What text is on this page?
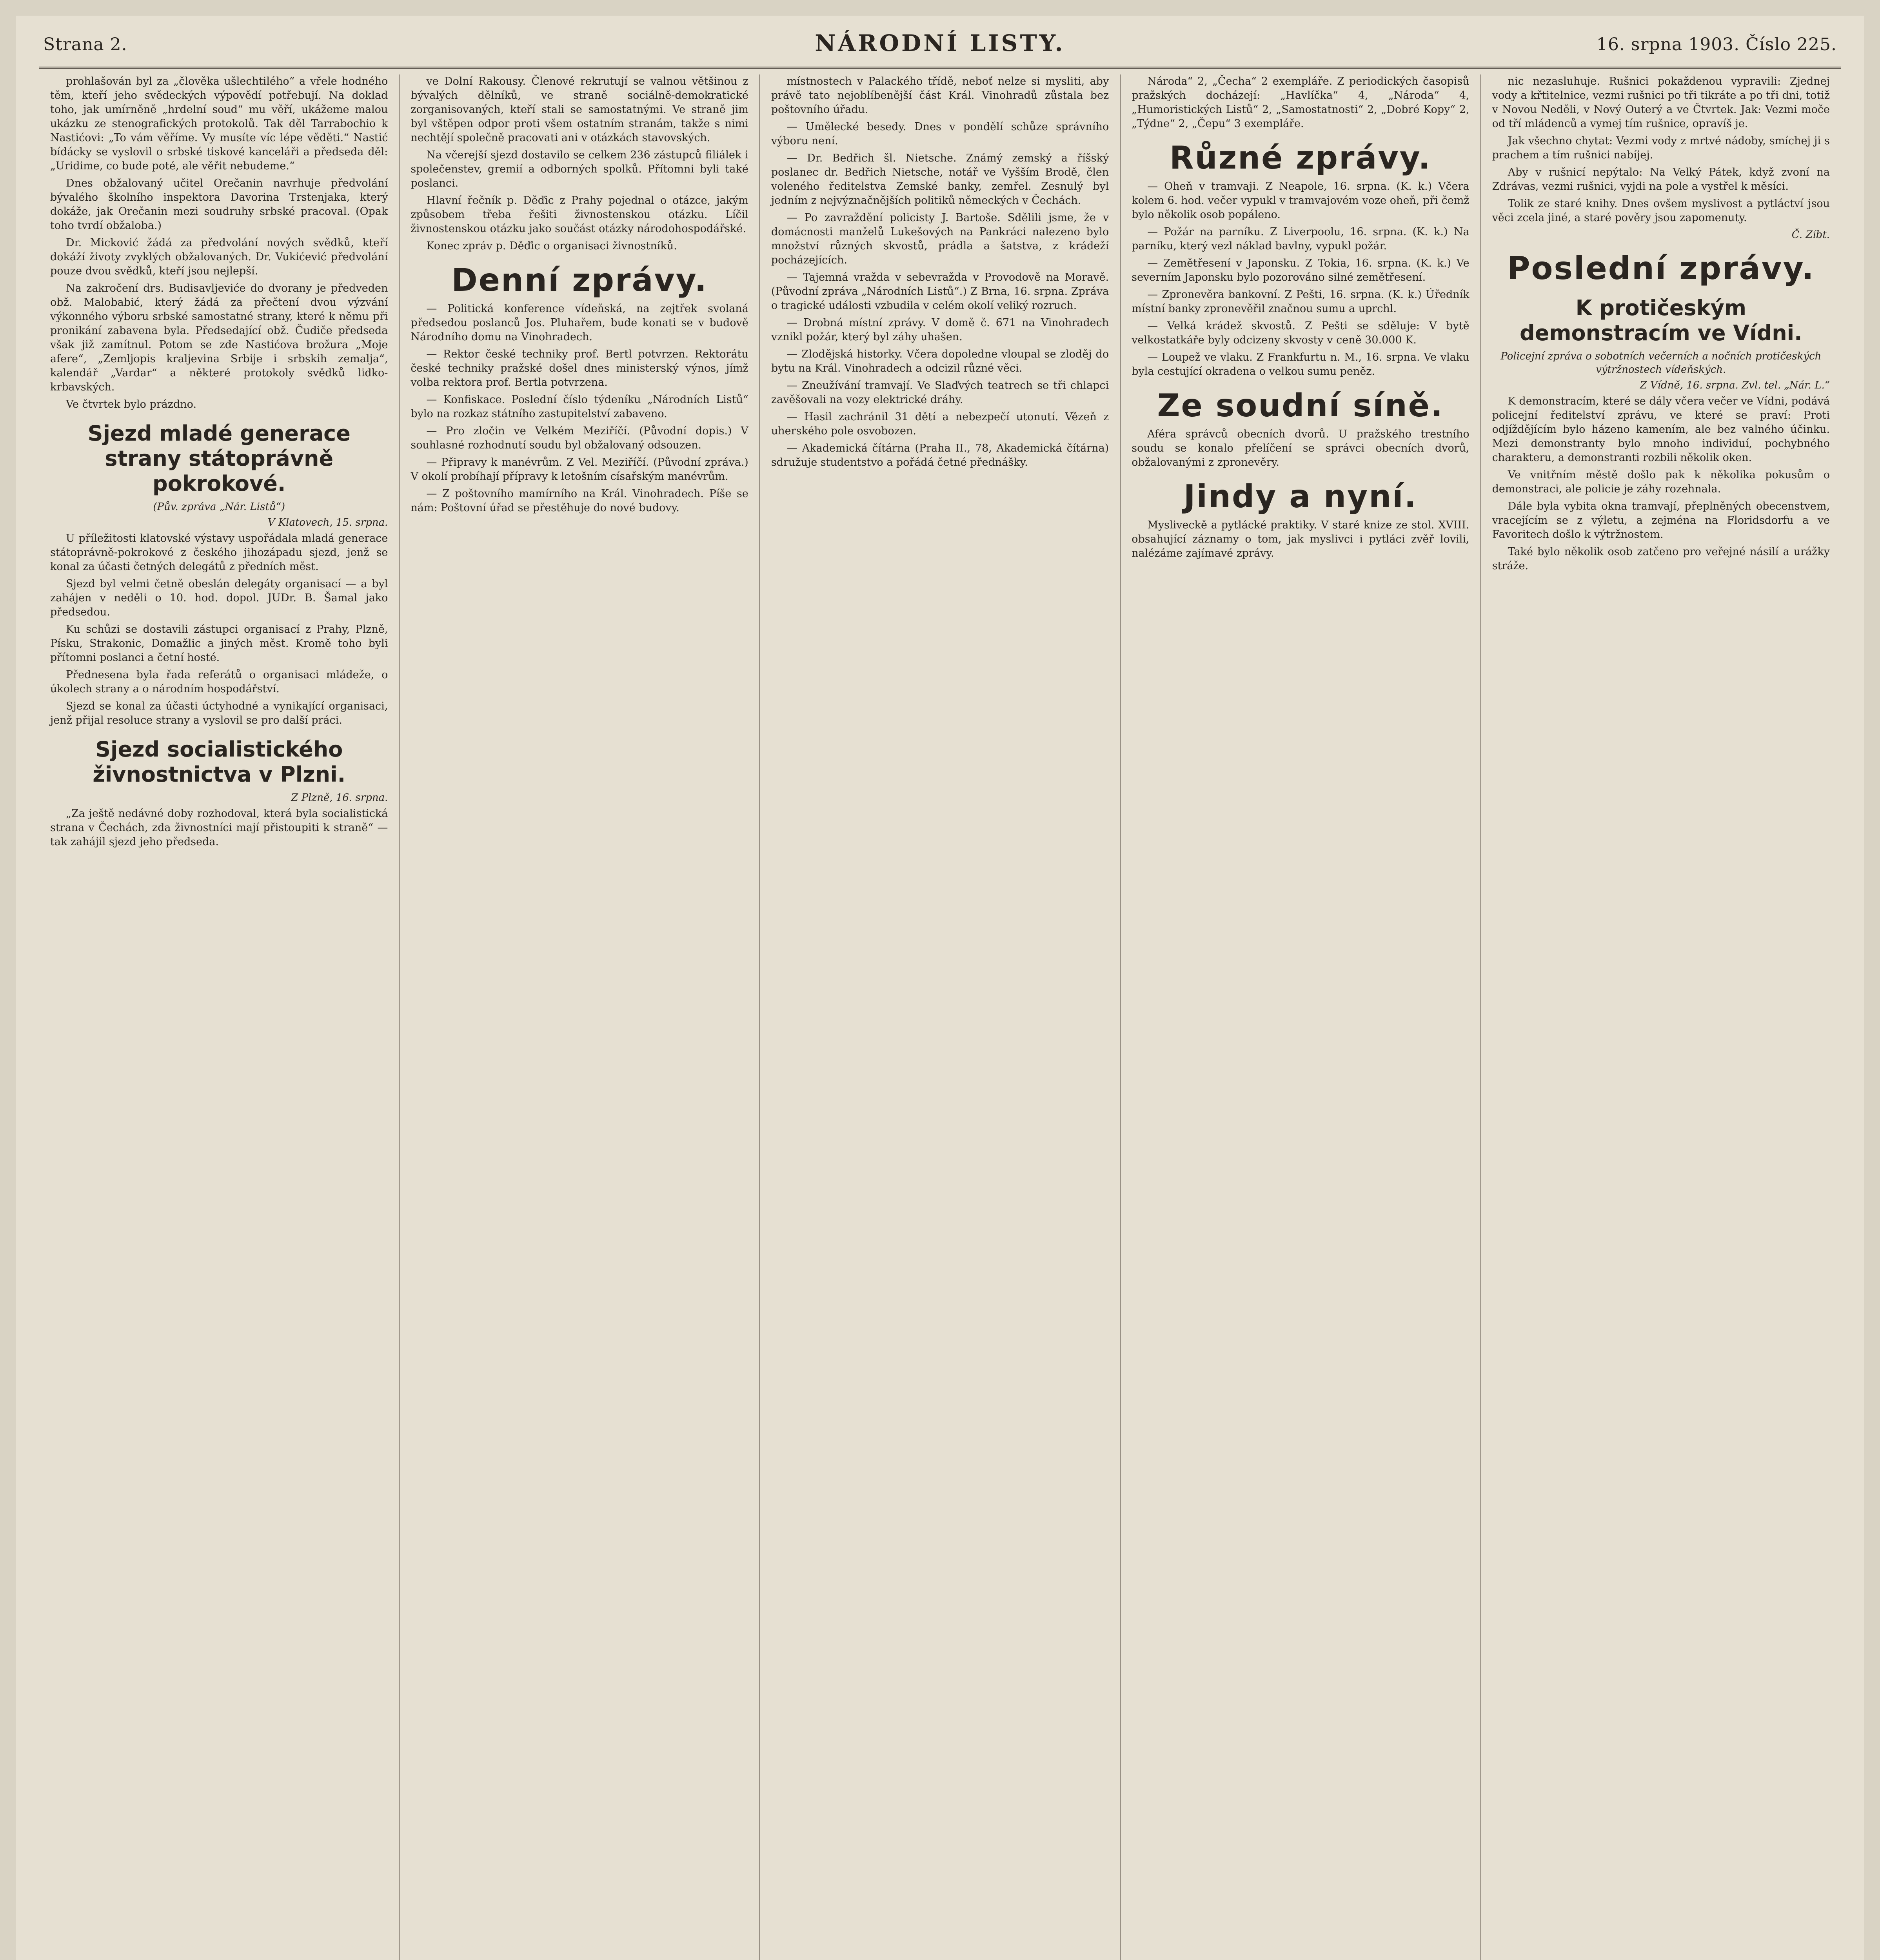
Strana 2.	NÁRODNÍ LISTY.	16. srpna 1903. Číslo 225.

prohlašován byl za „člověka ušlechtilého“ a vřele hodného těm, kteří jeho svědeckých výpovědí potřebují. Na doklad toho, jak umírněně „hrdelní soud“ mu věří, ukážeme malou ukázku ze stenografických protokolů. Tak děl Tarrabochio k Nastićovi: „To vám věříme. Vy musíte víc lépe věděti.“ Nastić bídácky se vyslovil o srbské tiskové kanceláři a předseda děl: „Uridime, co bude poté, ale věřit nebudeme.“

Dnes obžalovaný učitel Orečanin navrhuje předvolání bývalého školního inspektora Davorina Trstenjaka, který dokáže, jak Orečanin mezi soudruhy srbské pracoval. (Opak toho tvrdí obžaloba.)

Dr. Micković žádá za předvolání nových svědků, kteří dokáží životy zvyklých obžalovaných. Dr. Vukićević předvolání pouze dvou svědků, kteří jsou nejlepší.

Na zakročení drs. Budisavljeviće do dvorany je předveden obž. Malobabić, který žádá za přečtení dvou výzvání výkonného výboru srbské samostatné strany, které k němu při pronikání zabavena byla. Předsedající obž. Čudiče předseda však již zamítnul. Potom se zde Nastićova brožura „Moje afere“, „Zemljopis kraljevina Srbije i srbskih zemalja“, kalendář „Vardar“ a některé protokoly svědků lidko-krbavských.

Ve čtvrtek bylo prázdno.

Sjezd mladé generace strany státoprávně pokrokové.
(Pův. zpráva „Nár. Listů“)
V Klatovech, 15. srpna.

U příležitosti klatovské výstavy uspořádala mladá generace státoprávně-pokrokové z českého jihozápadu sjezd, jenž se konal za účasti četných delegátů z předních měst.

Sjezd byl velmi četně obeslán delegáty organisací — a byl zahájen v neděli o 10. hod. dopol. JUDr. B. Šamal jako předsedou.

Ku schůzi se dostavili zástupci organisací z Prahy, Plzně, Písku, Strakonic, Domažlic a jiných měst. Kromě toho byli přítomni poslanci a četní hosté.

Přednesena byla řada referátů o organisaci mládeže, o úkolech strany a o národním hospodářství.

Sjezd se konal za účasti úctyhodné a vynikající organisaci, jenž přijal resoluce strany a vyslovil se pro další práci.

Sjezd socialistického živnostnictva v Plzni.
Z Plzně, 16. srpna.

„Za ještě nedávné doby rozhodoval, která byla socialistická strana v Čechách, zda živnostníci mají přistoupiti k straně“ — tak zahájil sjezd jeho předseda.

ve Dolní Rakousy. Členové rekrutují se valnou většinou z bývalých dělníků, ve straně sociálně-demokratické zorganisovaných, kteří stali se samostatnými. Ve straně jim byl vštěpen odpor proti všem ostatním stranám, takže s nimi nechtějí společně pracovati ani v otázkách stavovských.

Na včerejší sjezd dostavilo se celkem 236 zástupců filiálek i společenstev, gremií a odborných spolků. Přítomni byli také poslanci.

Hlavní řečník p. Děďic z Prahy pojednal o otázce, jakým způsobem třeba řešiti živnostenskou otázku. Líčil živnostenskou otázku jako součást otázky národohospodářské.

Konec zpráv p. Děďic o organisaci živnostníků.

Denní zprávy.

— Politická konference vídeňská, na zejtřek svolaná předsedou poslanců Jos. Pluhařem, bude konati se v budově Národního domu na Vinohradech.

— Rektor české techniky prof. Bertl potvrzen. Rektorátu české techniky pražské došel dnes ministerský výnos, jímž volba rektora prof. Bertla potvrzena.

— Konfiskace. Poslední číslo týdeníku „Národních Listů“ bylo na rozkaz státního zastupitelství zabaveno.

— Pro zločin ve Velkém Meziříčí. (Původní dopis.) V souhlasné rozhodnutí soudu byl obžalovaný odsouzen.

— Připravy k manévrům. Z Vel. Meziříčí. (Původní zpráva.) V okolí probíhají přípravy k letošním císařským manévrům.

— Z poštovního mamírního na Král. Vinohradech. Píše se nám: Poštovní úřad se přestěhuje do nové budovy.

místnostech v Palackého třídě, neboť nelze si mysliti, aby právě tato nejoblíbenější část Král. Vinohradů zůstala bez poštovního úřadu.

— Umělecké besedy. Dnes v pondělí schůze správního výboru není.

— Dr. Bedřich šl. Nietsche. Známý zemský a říšský poslanec dr. Bedřich Nietsche, notář ve Vyšším Brodě, člen voleného ředitelstva Zemské banky, zemřel. Zesnulý byl jedním z nejvýznačnějších politiků německých v Čechách.

— Po zavraždění policisty J. Bartoše. Sdělili jsme, že v domácnosti manželů Lukešových na Pankráci nalezeno bylo množství různých skvostů, prádla a šatstva, z krádeží pocházejících.

— Tajemná vražda v sebevražda v Provodově na Moravě. (Původní zpráva „Národních Listů“.) Z Brna, 16. srpna. Zpráva o tragické události vzbudila v celém okolí veliký rozruch.

— Drobná místní zprávy. V domě č. 671 na Vinohradech vznikl požár, který byl záhy uhašen.

— Zlodějská historky. Včera dopoledne vloupal se zloděj do bytu na Král. Vinohradech a odcizil různé věci.

— Zneužívání tramvají. Ve Slaďvých teatrech se tři chlapci zavěšovali na vozy elektrické dráhy.

— Hasil zachránil 31 dětí a nebezpečí utonutí. Vězeň z uherského pole osvobozen.

— Akademická čítárna (Praha II., 78, Akademická čítárna) sdružuje studentstvo a pořádá četné přednášky.

Národa“ 2, „Čecha“ 2 exempláře. Z periodických časopisů pražských docházejí: „Havlíčka“ 4, „Národa“ 4, „Humoristických Listů“ 2, „Samostatnosti“ 2, „Dobré Kopy“ 2, „Týdne“ 2, „Čepu“ 3 exempláře.

Různé zprávy.

— Oheň v tramvaji. Z Neapole, 16. srpna. (K. k.) Včera kolem 6. hod. večer vypukl v tramvajovém voze oheň, při čemž bylo několik osob popáleno.

— Požár na parníku. Z Liverpoolu, 16. srpna. (K. k.) Na parníku, který vezl náklad bavlny, vypukl požár.

— Zemětřesení v Japonsku. Z Tokia, 16. srpna. (K. k.) Ve severním Japonsku bylo pozorováno silné zemětřesení.

— Zpronevěra bankovní. Z Pešti, 16. srpna. (K. k.) Úředník místní banky zpronevěřil značnou sumu a uprchl.

— Velká krádež skvostů. Z Pešti se sděluje: V bytě velkostatkáře byly odcizeny skvosty v ceně 30.000 K.

— Loupež ve vlaku. Z Frankfurtu n. M., 16. srpna. Ve vlaku byla cestující okradena o velkou sumu peněz.

Ze soudní síně.

Aféra správců obecních dvorů. U pražského trestního soudu se konalo přelíčení se správci obecních dvorů, obžalovanými z zpronevěry.

Jindy a nyní.

Mysliveckě a pytlácké praktiky. V staré knize ze stol. XVIII. obsahující záznamy o tom, jak myslivci i pytláci zvěř lovili, nalézáme zajímavé zprávy.

nic nezasluhuje. Rušnici pokaždenou vypravili: Zjednej vody a křtitelnice, vezmi rušnici po tři tikráte a po tři dni, totiž v Novou Neděli, v Nový Outerý a ve Čtvrtek. Jak: Vezmi moče od tří mládenců a vymej tím rušnice, opravíš je.

Jak všechno chytat: Vezmi vody z mrtvé nádoby, smíchej ji s prachem a tím rušnici nabíjej.

Aby v rušnicí nepýtalo: Na Velký Pátek, když zvoní na Zdrávas, vezmi rušnici, vyjdi na pole a vystřel k měsíci.

Tolik ze staré knihy. Dnes ovšem myslivost a pytláctví jsou věci zcela jiné, a staré pověry jsou zapomenuty.

Č. Zíbt.
Poslední zprávy.
K protičeským demonstracím ve Vídni.
Policejní zpráva o sobotních večerních a nočních protičeských výtržnostech vídeňských.
Z Vídně, 16. srpna. Zvl. tel. „Nár. L.“

K demonstracím, které se dály včera večer ve Vídni, podává policejní ředitelství zprávu, ve které se praví: Proti odjíždějícím bylo házeno kamením, ale bez valného účinku. Mezi demonstranty bylo mnoho individuí, pochybného charakteru, a demonstranti rozbili několik oken.

Ve vnitřním městě došlo pak k několika pokusům o demonstraci, ale policie je záhy rozehnala.

Dále byla vybita okna tramvají, přeplněných obecenstvem, vracejícím se z výletu, a zejména na Floridsdorfu a ve Favoritech došlo k výtržnostem.

Také bylo několik osob zatčeno pro veřejné násilí a urážky stráže.
